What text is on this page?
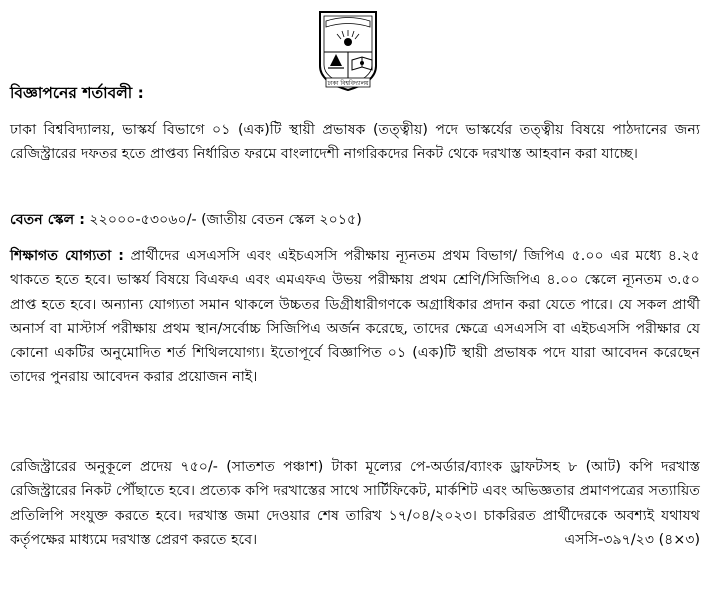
ঢাকা বিশ্ববিদ্যালয়
বিজ্ঞাপনের শর্তাবলী :
ঢাকা বিশ্ববিদ্যালয়, ভাস্কর্য বিভাগে ০১ (এক)টি স্থায়ী প্রভাষক (তত্ত্বীয়) পদে ভাস্কর্যের তত্ত্বীয় বিষয়ে পাঠদানের জন্য রেজিস্ট্রারের দফতর হতে প্রাপ্তব্য নির্ধারিত ফরমে বাংলাদেশী নাগরিকদের নিকট থেকে দরখাস্ত আহবান করা যাচ্ছে।
বেতন স্কেল : ২২০০০-৫৩০৬০/- (জাতীয় বেতন স্কেল ২০১৫)
শিক্ষাগত যোগ্যতা : প্রার্থীদের এসএসসি এবং এইচএসসি পরীক্ষায় ন্যূনতম প্রথম বিভাগ/ জিপিএ ৫.০০ এর মধ্যে ৪.২৫ থাকতে হতে হবে। ভাস্কর্য বিষয়ে বিএফএ এবং এমএফএ উভয় পরীক্ষায় প্রথম শ্রেণি/সিজিপিএ ৪.০০ স্কেলে ন্যূনতম ৩.৫০ প্রাপ্ত হতে হবে। অন্যান্য যোগ্যতা সমান থাকলে উচ্চতর ডিগ্রীধারীগণকে অগ্রাধিকার প্রদান করা যেতে পারে। যে সকল প্রার্থী অনার্স বা মাস্টার্স পরীক্ষায় প্রথম স্থান/সর্বোচ্চ সিজিপিএ অর্জন করেছে, তাদের ক্ষেত্রে এসএসসি বা এইচএসসি পরীক্ষার যে কোনো একটির অনুমোদিত শর্ত শিথিলযোগ্য। ইতোপূর্বে বিজ্ঞাপিত ০১ (এক)টি স্থায়ী প্রভাষক পদে যারা আবেদন করেছেন তাদের পুনরায় আবেদন করার প্রয়োজন নাই।
রেজিস্ট্রারের অনুকূলে প্রদেয় ৭৫০/- (সাতশত পঞ্চাশ) টাকা মূল্যের পে-অর্ডার/ব্যাংক ড্রাফটসহ ৮ (আট) কপি দরখাস্ত রেজিস্ট্রারের নিকট পৌঁছাতে হবে। প্রত্যেক কপি দরখাস্তের সাথে সার্টিফিকেট, মার্কশিট এবং অভিজ্ঞতার প্রমাণপত্রের সত্যায়িত প্রতিলিপি সংযুক্ত করতে হবে। দরখাস্ত জমা দেওয়ার শেষ তারিখ ১৭/০৪/২০২৩। চাকরিরত প্রার্থীদেরকে অবশ্যই যথাযথ কর্তৃপক্ষের মাধ্যমে দরখাস্ত প্রেরণ করতে হবে।	এসসি-৩৯৭/২৩ (৪×৩)
